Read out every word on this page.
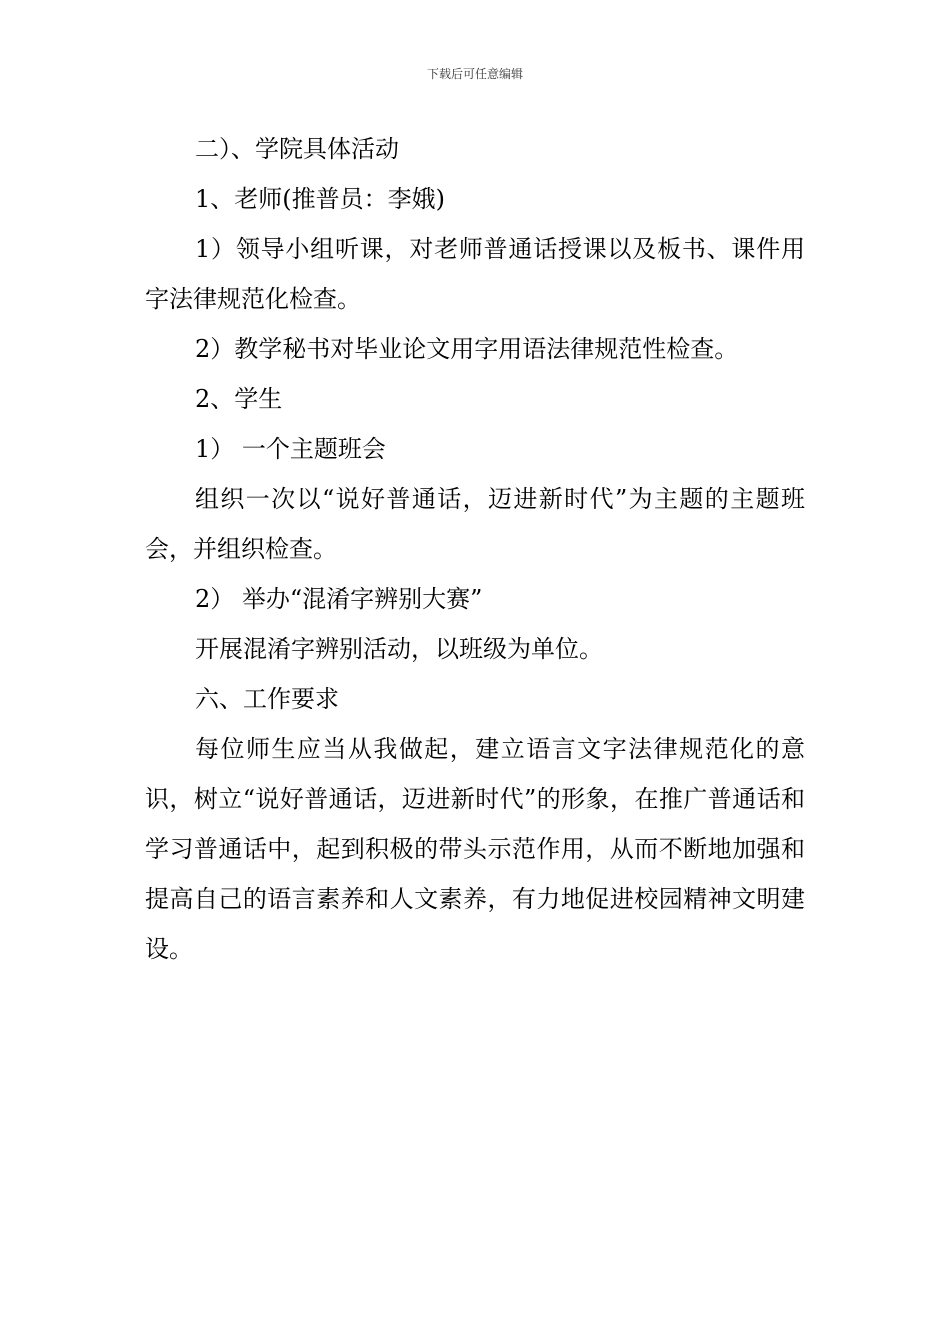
下载后可任意编辑

二）、学院具体活动

1、老师(推普员：李娥)

1）领导小组听课，对老师普通话授课以及板书、课件用字法律规范化检查。

2）教学秘书对毕业论文用字用语法律规范性检查。

2、学生

1） 一个主题班会

组织一次以“说好普通话，迈进新时代”为主题的主题班会，并组织检查。

2） 举办“混淆字辨别大赛”

开展混淆字辨别活动，以班级为单位。

六、工作要求

每位师生应当从我做起，建立语言文字法律规范化的意识，树立“说好普通话，迈进新时代”的形象，在推广普通话和学习普通话中，起到积极的带头示范作用，从而不断地加强和提高自己的语言素养和人文素养，有力地促进校园精神文明建设。
